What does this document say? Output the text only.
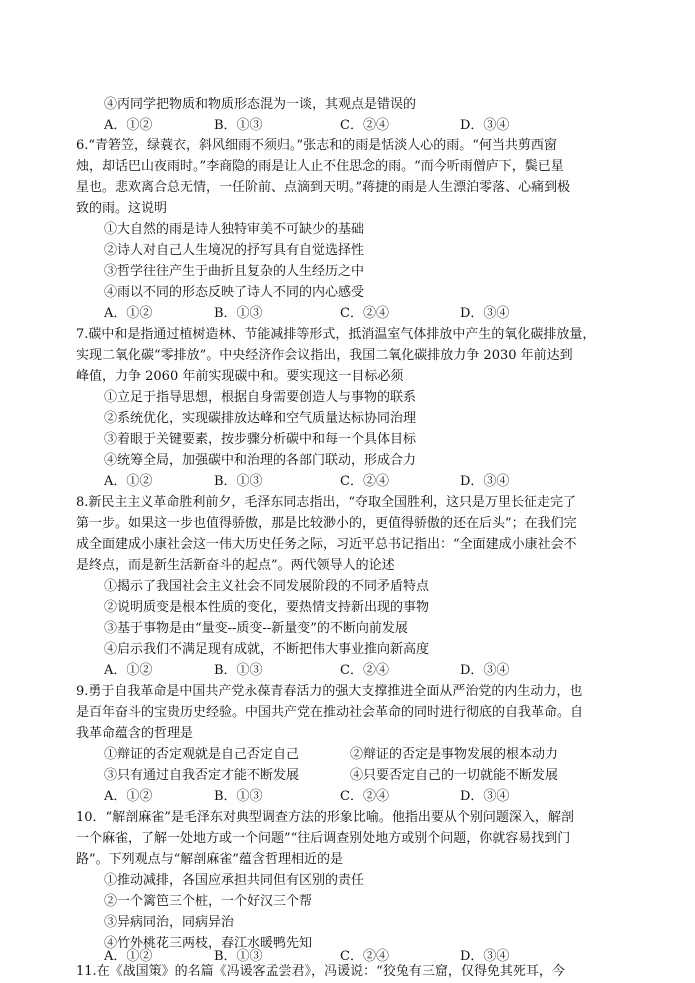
④丙同学把物质和物质形态混为一谈，其观点是错误的
A．①②	B．①③	C．②④	D．③④
6.“青箬笠，绿蓑衣，斜风细雨不须归。”张志和的雨是恬淡人心的雨。“何当共剪西窗
烛，却话巴山夜雨时。”李商隐的雨是让人止不住思念的雨。“而今听雨僧庐下，鬓已星
星也。悲欢离合总无情，一任阶前、点滴到天明。”蒋捷的雨是人生漂泊零落、心痛到极
致的雨。这说明
①大自然的雨是诗人独特审美不可缺少的基础
②诗人对自己人生境况的抒写具有自觉选择性
③哲学往往产生于曲折且复杂的人生经历之中
④雨以不同的形态反映了诗人不同的内心感受
A．①②	B．①③	C．②④	D．③④
7.碳中和是指通过植树造林、节能减排等形式，抵消温室气体排放中产生的氧化碳排放量，
实现二氧化碳“零排放”。中央经济作会议指出，我国二氧化碳排放力争 2030 年前达到
峰值，力争 2060 年前实现碳中和。要实现这一目标必须
①立足于指导思想，根据自身需要创造人与事物的联系
②系统优化，实现碳排放达峰和空气质量达标协同治理
③着眼于关键要素，按步骤分析碳中和每一个具体目标
④统筹全局，加强碳中和治理的各部门联动，形成合力
A．①②	B．①③	C．②④	D．③④
8.新民主主义革命胜利前夕，毛泽东同志指出，“夺取全国胜利，这只是万里长征走完了
第一步。如果这一步也值得骄傲，那是比较渺小的，更值得骄傲的还在后头”；在我们完
成全面建成小康社会这一伟大历史任务之际，习近平总书记指出：“全面建成小康社会不
是终点，而是新生活新奋斗的起点”。两代领导人的论述
①揭示了我国社会主义社会不同发展阶段的不同矛盾特点
②说明质变是根本性质的变化，要热情支持新出现的事物
③基于事物是由“量变--质变--新量变”的不断向前发展
④启示我们不满足现有成就，不断把伟大事业推向新高度
A．①②	B．①③	C．②④	D．③④
9.勇于自我革命是中国共产党永葆青春活力的强大支撑推进全面从严治党的内生动力，也
是百年奋斗的宝贵历史经验。中国共产党在推动社会革命的同时进行彻底的自我革命。自
我革命蕴含的哲理是
①辩证的否定观就是自己否定自己	②辩证的否定是事物发展的根本动力
③只有通过自我否定才能不断发展	④只要否定自己的一切就能不断发展
A．①②	B．①③	C．②④	D．③④
10．“解剖麻雀”是毛泽东对典型调查方法的形象比喻。他指出要从个别问题深入，解剖
一个麻雀，了解一处地方或一个问题”“往后调查别处地方或别个问题，你就容易找到门
路”。下列观点与“解剖麻雀”蕴含哲理相近的是
①推动减排，各国应承担共同但有区别的责任
②一个篱笆三个桩，一个好汉三个帮
③异病同治，同病异治
④竹外桃花三两枝，春江水暖鸭先知
A．①②	B．①③	C．②④	D．③④
11.在《战国策》的名篇《冯谖客孟尝君》，冯谖说：“狡兔有三窟，仅得免其死耳，今
